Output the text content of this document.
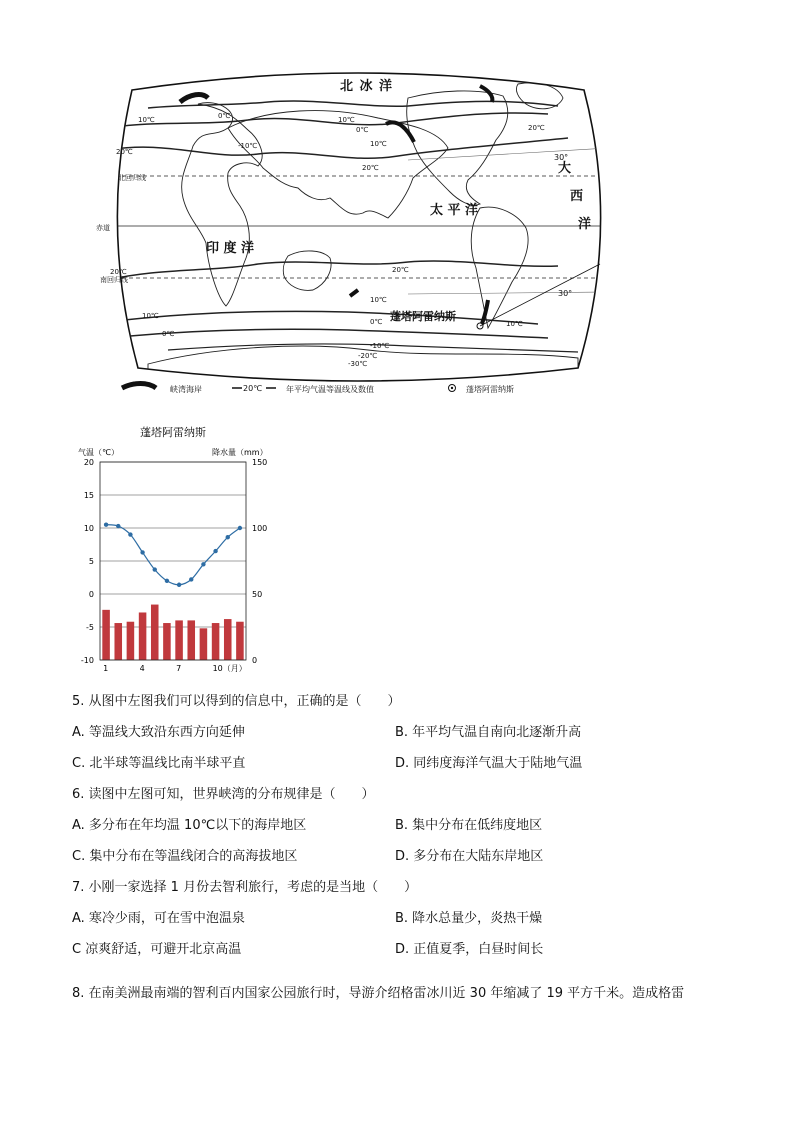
北 冰 洋
太 平 洋
印 度 洋
大
西
洋
北回归线
赤道
南回归线
30°
30°
10℃	0℃
20℃
10℃
-10℃
0℃
10℃
20℃
20℃
20℃	20℃
10℃
10℃
0℃
0℃
10℃
-10℃
-20℃
-30℃
蓬塔阿雷纳斯
峡湾海岸	20℃	年平均气温等温线及数值	蓬塔阿雷纳斯
蓬塔阿雷纳斯
气温（℃）	降水量（mm）
20
15
10
5
0
-5
-10
150
100
50
0
1	4	7	10（月）
5. 从图中左图我们可以得到的信息中，正确的是（　　）
A. 等温线大致沿东西方向延伸	B. 年平均气温自南向北逐渐升高
C. 北半球等温线比南半球平直	D. 同纬度海洋气温大于陆地气温
6. 读图中左图可知，世界峡湾的分布规律是（　　）
A. 多分布在年均温 10℃以下的海岸地区	B. 集中分布在低纬度地区
C. 集中分布在等温线闭合的高海拔地区	D. 多分布在大陆东岸地区
7. 小刚一家选择 1 月份去智利旅行，考虑的是当地（　　）
A. 寒冷少雨，可在雪中泡温泉	B. 降水总量少，炎热干燥
C 凉爽舒适，可避开北京高温	D. 正值夏季，白昼时间长
8. 在南美洲最南端的智利百内国家公园旅行时，导游介绍格雷冰川近 30 年缩减了 19 平方千米。造成格雷
